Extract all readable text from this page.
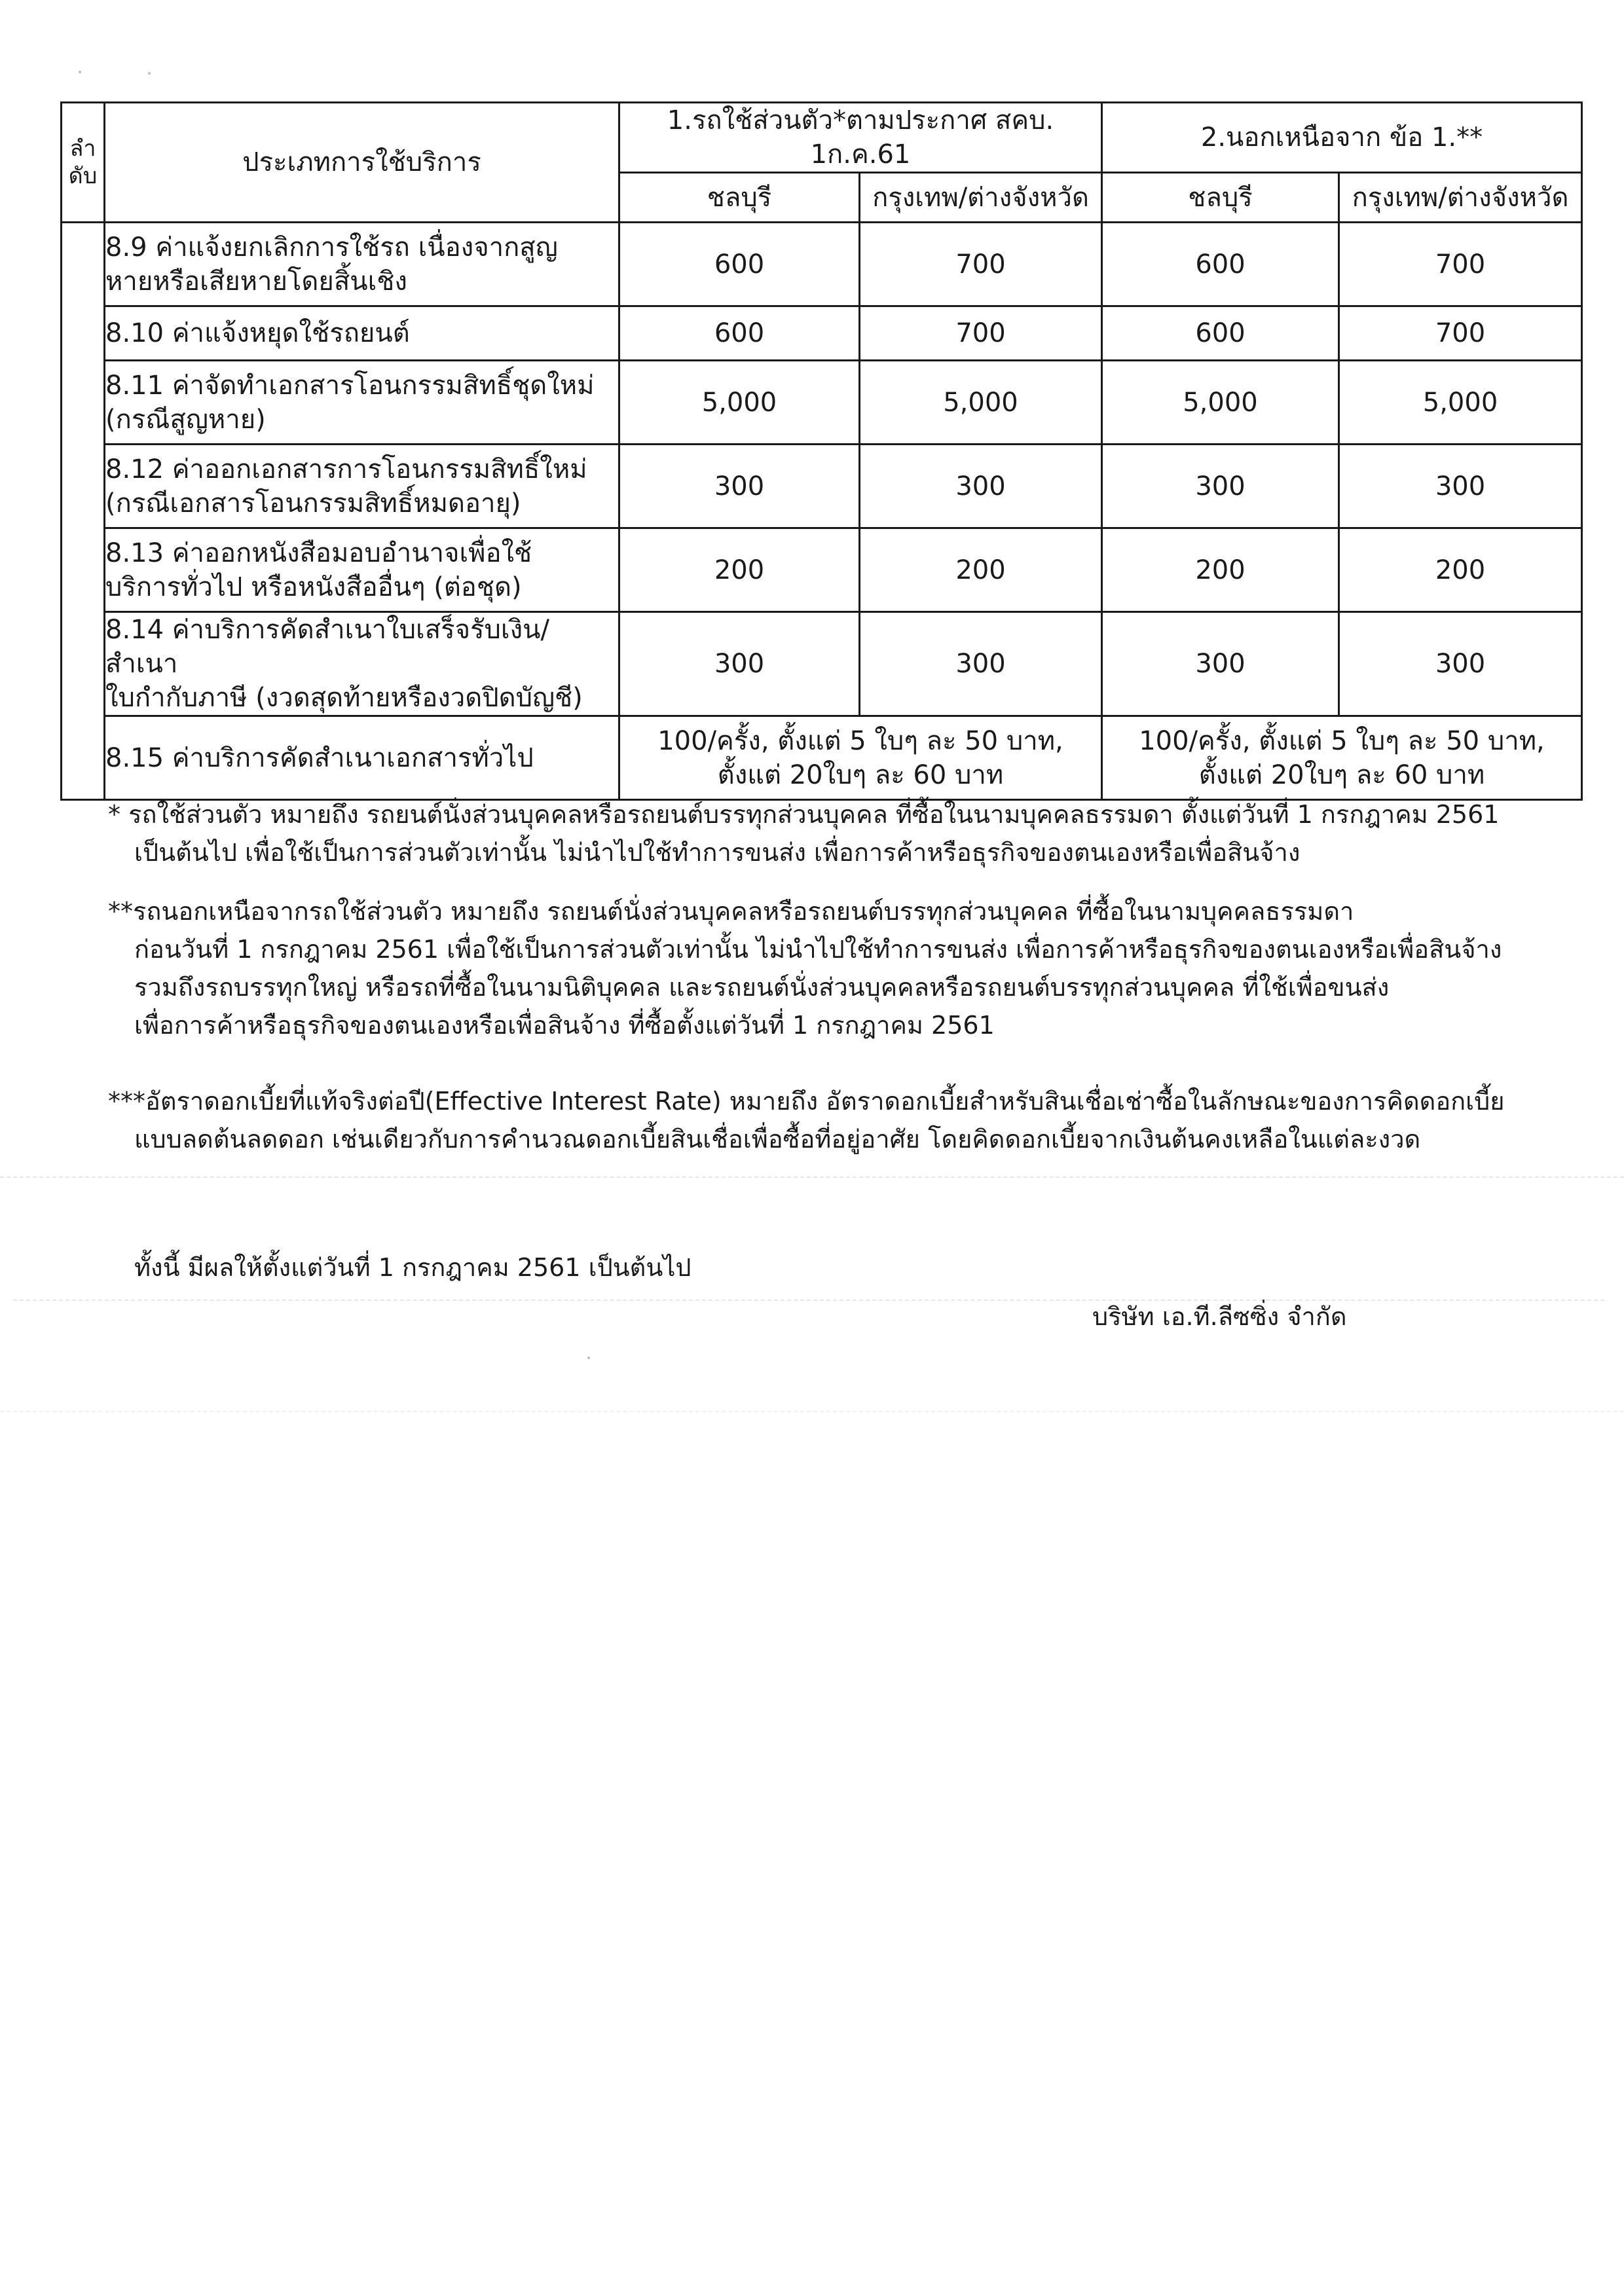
ลำ
ดับ	ประเภทการใช้บริการ	1.รถใช้ส่วนตัว*ตามประกาศ สคบ. 1ก.ค.61		2.นอกเหนือจาก ข้อ 1.**	
		ชลบุรี	กรุงเทพ/ต่างจังหวัด	ชลบุรี	กรุงเทพ/ต่างจังหวัด
	8.9 ค่าแจ้งยกเลิกการใช้รถ เนื่องจากสูญ
หายหรือเสียหายโดยสิ้นเชิง	600	700	600	700
	8.10 ค่าแจ้งหยุดใช้รถยนต์	600	700	600	700
	8.11 ค่าจัดทำเอกสารโอนกรรมสิทธิ์ชุดใหม่
(กรณีสูญหาย)	5,000	5,000	5,000	5,000
	8.12 ค่าออกเอกสารการโอนกรรมสิทธิ์ใหม่
(กรณีเอกสารโอนกรรมสิทธิ์หมดอายุ)	300	300	300	300
	8.13 ค่าออกหนังสือมอบอำนาจเพื่อใช้
บริการทั่วไป หรือหนังสืออื่นๆ (ต่อชุด)	200	200	200	200
	8.14 ค่าบริการคัดสำเนาใบเสร็จรับเงิน/สำเนา
ใบกำกับภาษี (งวดสุดท้ายหรืองวดปิดบัญชี)	300	300	300	300
	8.15 ค่าบริการคัดสำเนาเอกสารทั่วไป	100/ครั้ง, ตั้งแต่ 5 ใบๆ ละ 50 บาท,
ตั้งแต่ 20ใบๆ ละ 60 บาท		100/ครั้ง, ตั้งแต่ 5 ใบๆ ละ 50 บาท,
ตั้งแต่ 20ใบๆ ละ 60 บาท	
* รถใช้ส่วนตัว หมายถึง รถยนต์นั่งส่วนบุคคลหรือรถยนต์บรรทุกส่วนบุคคล ที่ซื้อในนามบุคคลธรรมดา ตั้งแต่วันที่ 1 กรกฎาคม 2561
เป็นต้นไป เพื่อใช้เป็นการส่วนตัวเท่านั้น ไม่นำไปใช้ทำการขนส่ง เพื่อการค้าหรือธุรกิจของตนเองหรือเพื่อสินจ้าง
**รถนอกเหนือจากรถใช้ส่วนตัว หมายถึง รถยนต์นั่งส่วนบุคคลหรือรถยนต์บรรทุกส่วนบุคคล ที่ซื้อในนามบุคคลธรรมดา
ก่อนวันที่ 1 กรกฎาคม 2561 เพื่อใช้เป็นการส่วนตัวเท่านั้น ไม่นำไปใช้ทำการขนส่ง เพื่อการค้าหรือธุรกิจของตนเองหรือเพื่อสินจ้าง
รวมถึงรถบรรทุกใหญ่ หรือรถที่ซื้อในนามนิติบุคคล และรถยนต์นั่งส่วนบุคคลหรือรถยนต์บรรทุกส่วนบุคคล ที่ใช้เพื่อขนส่ง
เพื่อการค้าหรือธุรกิจของตนเองหรือเพื่อสินจ้าง ที่ซื้อตั้งแต่วันที่ 1 กรกฎาคม 2561
***อัตราดอกเบี้ยที่แท้จริงต่อปี(Effective Interest Rate) หมายถึง อัตราดอกเบี้ยสำหรับสินเชื่อเช่าซื้อในลักษณะของการคิดดอกเบี้ย
แบบลดต้นลดดอก เช่นเดียวกับการคำนวณดอกเบี้ยสินเชื่อเพื่อซื้อที่อยู่อาศัย โดยคิดดอกเบี้ยจากเงินต้นคงเหลือในแต่ละงวด
ทั้งนี้ มีผลให้ตั้งแต่วันที่ 1 กรกฎาคม 2561 เป็นต้นไป
บริษัท เอ.ที.ลีซซิ่ง จำกัด
